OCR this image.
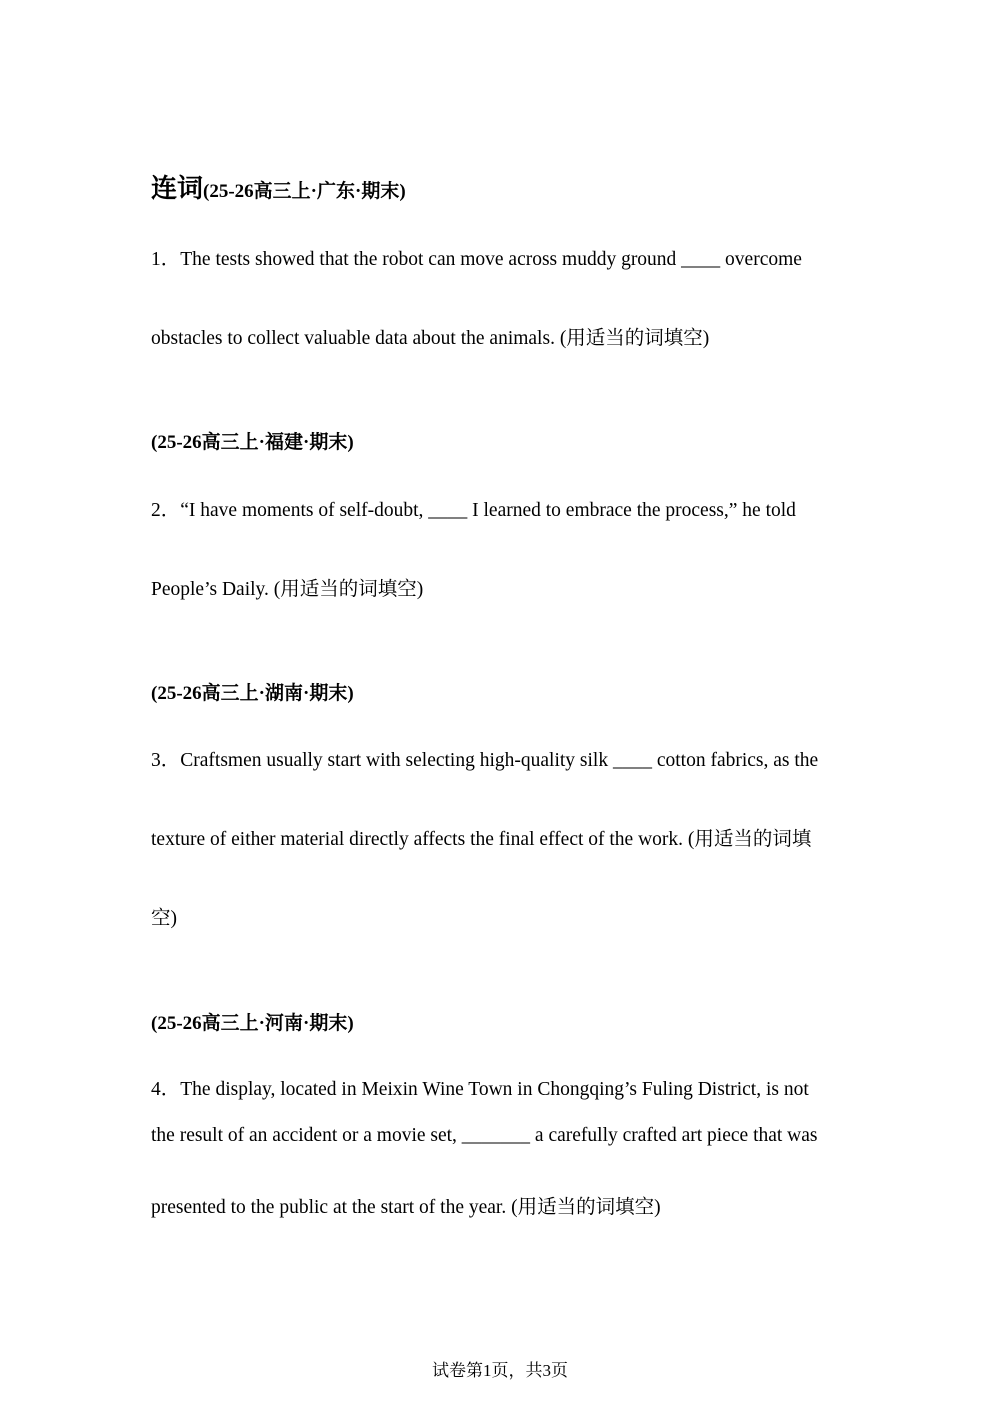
连词(25-26高三上·广东·期末)
1．The tests showed that the robot can move across muddy ground ____ overcome
obstacles to collect valuable data about the animals. (用适当的词填空)
(25-26高三上·福建·期末)
2．“I have moments of self-doubt, ____ I learned to embrace the process,” he told
People’s Daily. (用适当的词填空)
(25-26高三上·湖南·期末)
3．Craftsmen usually start with selecting high-quality silk ____ cotton fabrics, as the
texture of either material directly affects the final effect of the work. (用适当的词填
空)
(25-26高三上·河南·期末)
4．The display, located in Meixin Wine Town in Chongqing’s Fuling District, is not
the result of an accident or a movie set, _______ a carefully crafted art piece that was
presented to the public at the start of the year. (用适当的词填空)
试卷第1页，共3页
